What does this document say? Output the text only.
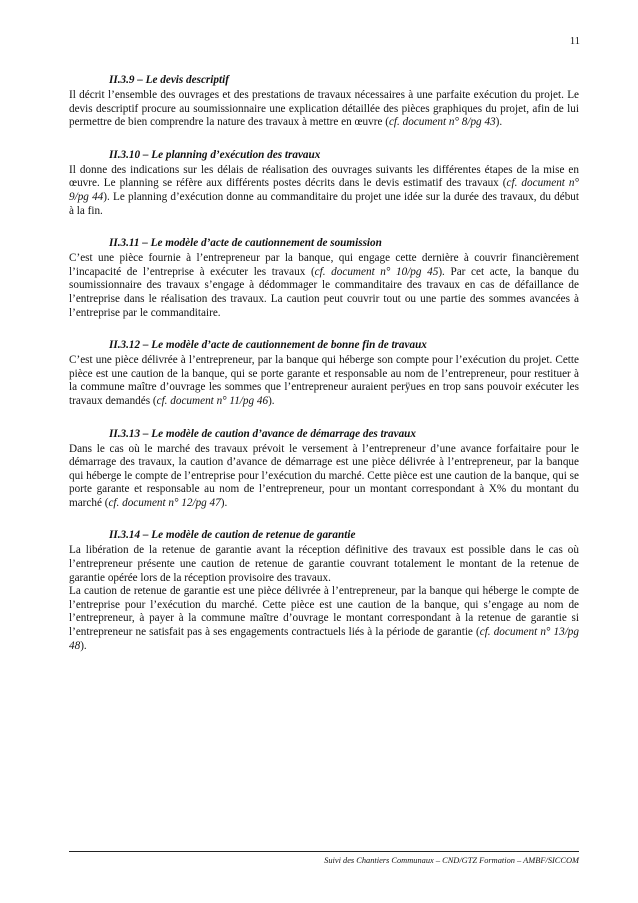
11
II.3.9 – Le devis descriptif

Il décrit l’ensemble des ouvrages et des prestations de travaux nécessaires à une parfaite exécution du projet. Le devis descriptif procure au soumissionnaire une explication détaillée des pièces graphiques du projet, afin de lui permettre de bien comprendre la nature des travaux à mettre en œuvre (cf. document n° 8/pg 43).

II.3.10 – Le planning d’exécution des travaux

Il donne des indications sur les délais de réalisation des ouvrages suivants les différentes étapes de la mise en œuvre. Le planning se réfère aux différents postes décrits dans le devis estimatif des travaux (cf. document n° 9/pg 44). Le planning d’exécution donne au commanditaire du projet une idée sur la durée des travaux, du début à la fin.

II.3.11 – Le modèle d’acte de cautionnement de soumission

C’est une pièce fournie à l’entrepreneur par la banque, qui engage cette dernière à couvrir financièrement l’incapacité de l’entreprise à exécuter les travaux (cf. document n° 10/pg 45). Par cet acte, la banque du soumissionnaire des travaux s’engage à dédommager le commanditaire des travaux en cas de défaillance de l’entreprise dans le réalisation des travaux. La caution peut couvrir tout ou une partie des sommes avancées à l’entreprise par le commanditaire.

II.3.12 – Le modèle d’acte de cautionnement de bonne fin de travaux

C’est une pièce délivrée à l’entrepreneur, par la banque qui héberge son compte pour l’exécution du projet. Cette pièce est une caution de la banque, qui se porte garante et responsable au nom de l’entrepreneur, pour restituer à la commune maître d’ouvrage les sommes que l’entrepreneur auraient perÿues en trop sans pouvoir exécuter les travaux demandés (cf. document n° 11/pg 46).

II.3.13 – Le modèle de caution d’avance de démarrage des travaux

Dans le cas où le marché des travaux prévoit le versement à l’entrepreneur d’une avance forfaitaire pour le démarrage des travaux, la caution d’avance de démarrage est une pièce délivrée à l’entrepreneur, par la banque qui héberge le compte de l’entreprise pour l’exécution du marché. Cette pièce est une caution de la banque, qui se porte garante et responsable au nom de l’entrepreneur, pour un montant correspondant à X% du montant du marché (cf. document n° 12/pg 47).

II.3.14 – Le modèle de caution de retenue de garantie

La libération de la retenue de garantie avant la réception définitive des travaux est possible dans le cas où l’entrepreneur présente une caution de retenue de garantie couvrant totalement le montant de la retenue de garantie opérée lors de la réception provisoire des travaux.

La caution de retenue de garantie est une pièce délivrée à l’entrepreneur, par la banque qui héberge le compte de l’entreprise pour l’exécution du marché. Cette pièce est une caution de la banque, qui s’engage au nom de l’entrepreneur, à payer à la commune maître d’ouvrage le montant correspondant à la retenue de garantie si l’entrepreneur ne satisfait pas à ses engagements contractuels liés à la période de garantie (cf. document n° 13/pg 48).

Suivi des Chantiers Communaux – CND/GTZ Formation – AMBF/SICCOM
